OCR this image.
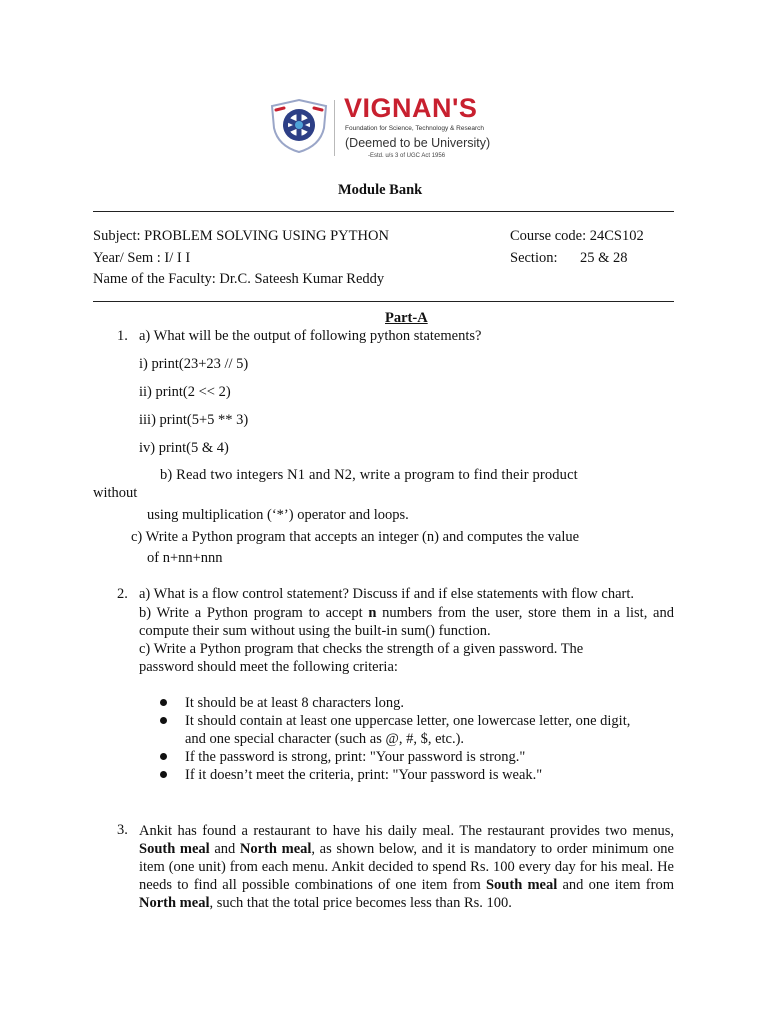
VIGNAN'S
Foundation for Science, Technology & Research
(Deemed to be University)
-Estd. u/s 3 of UGC Act 1956
Module Bank
Subject: PROBLEM SOLVING USING PYTHON	Course code: 24CS102
Year/ Sem : I/ I I	Section: 25 & 28
Name of the Faculty: Dr.C. Sateesh Kumar Reddy
Part-A
1. a) What will be the output of following python statements?
i) print(23+23 // 5)
ii) print(2 << 2)
iii) print(5+5 ** 3)
iv) print(5 & 4)
b) Read two integers N1 and N2, write a program to find their product
without
using multiplication (‘*’) operator and loops.
c) Write a Python program that accepts an integer (n) and computes the value
of n+nn+nnn
2. a) What is a flow control statement? Discuss if and if else statements with flow chart.
b) Write a Python program to accept n numbers from the user, store them in a list, and compute their sum without using the built-in sum() function.
c) Write a Python program that checks the strength of a given password. The password should meet the following criteria:
It should be at least 8 characters long.
It should contain at least one uppercase letter, one lowercase letter, one digit,
and one special character (such as @, #, $, etc.).
If the password is strong, print: "Your password is strong."
If it doesn’t meet the criteria, print: "Your password is weak."
3. Ankit has found a restaurant to have his daily meal. The restaurant provides two menus, South meal and North meal, as shown below, and it is mandatory to order minimum one item (one unit) from each menu. Ankit decided to spend Rs. 100 every day for his meal. He needs to find all possible combinations of one item from South meal and one item from North meal, such that the total price becomes less than Rs. 100.
